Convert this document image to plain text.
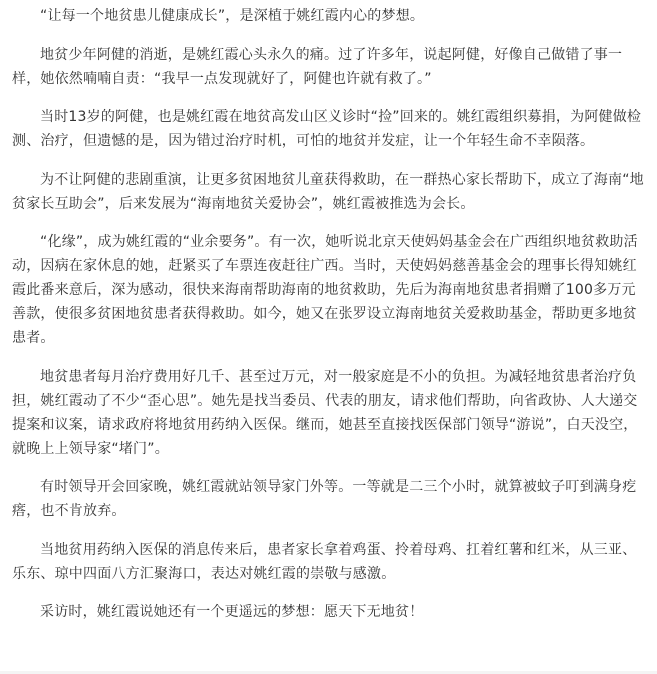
“让每一个地贫患儿健康成长”，是深植于姚红霞内心的梦想。

地贫少年阿健的消逝，是姚红霞心头永久的痛。过了许多年，说起阿健，好像自己做错了事一样，她依然喃喃自责：“我早一点发现就好了，阿健也许就有救了。”

当时13岁的阿健，也是姚红霞在地贫高发山区义诊时“捡”回来的。姚红霞组织募捐，为阿健做检测、治疗，但遗憾的是，因为错过治疗时机，可怕的地贫并发症，让一个年轻生命不幸陨落。

为不让阿健的悲剧重演，让更多贫困地贫儿童获得救助，在一群热心家长帮助下，成立了海南“地贫家长互助会”，后来发展为“海南地贫关爱协会”，姚红霞被推选为会长。

“化缘”，成为姚红霞的“业余要务”。有一次，她听说北京天使妈妈基金会在广西组织地贫救助活动，因病在家休息的她，赶紧买了车票连夜赶往广西。当时，天使妈妈慈善基金会的理事长得知姚红霞此番来意后，深为感动，很快来海南帮助海南的地贫救助，先后为海南地贫患者捐赠了100多万元善款，使很多贫困地贫患者获得救助。如今，她又在张罗设立海南地贫关爱救助基金，帮助更多地贫患者。

地贫患者每月治疗费用好几千、甚至过万元，对一般家庭是不小的负担。为减轻地贫患者治疗负担，姚红霞动了不少“歪心思”。她先是找当委员、代表的朋友，请求他们帮助，向省政协、人大递交提案和议案，请求政府将地贫用药纳入医保。继而，她甚至直接找医保部门领导“游说”，白天没空，就晚上上领导家“堵门”。

有时领导开会回家晚，姚红霞就站领导家门外等。一等就是二三个小时，就算被蚊子叮到满身疙瘩，也不肯放弃。

当地贫用药纳入医保的消息传来后，患者家长拿着鸡蛋、拎着母鸡、扛着红薯和红米，从三亚、乐东、琼中四面八方汇聚海口，表达对姚红霞的崇敬与感激。

采访时，姚红霞说她还有一个更遥远的梦想：愿天下无地贫！
